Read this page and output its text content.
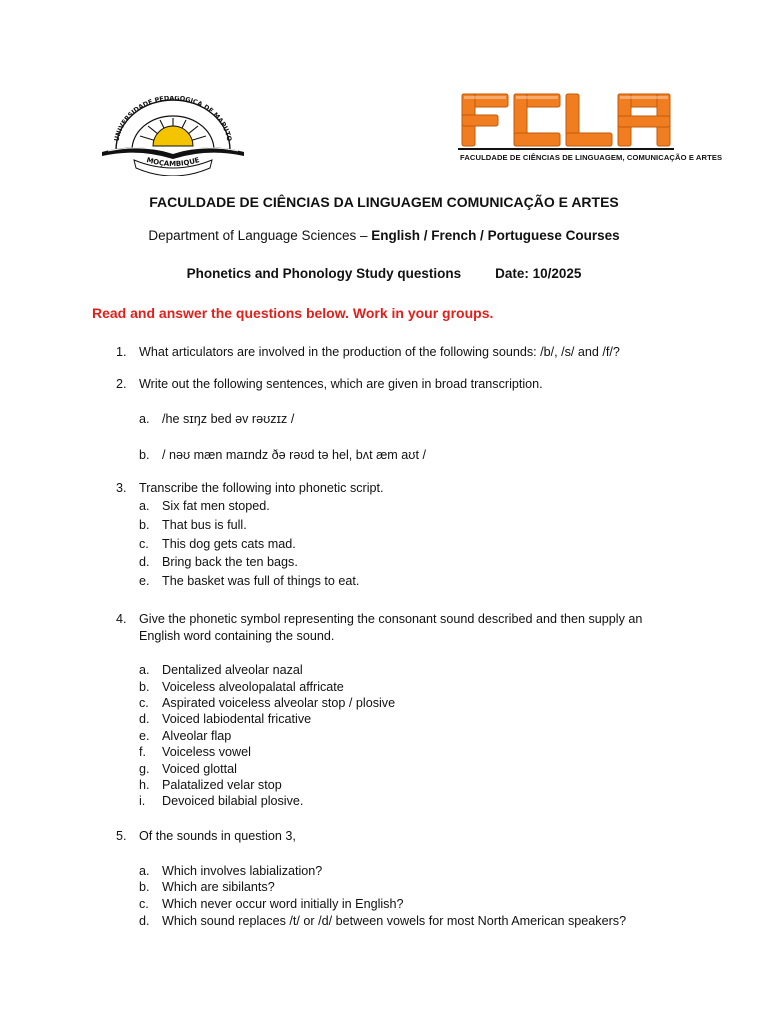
UNIVERSIDADE PEDAGÓGICA DE MAPUTO
MOÇAMBIQUE	FACULDADE DE CIÊNCIAS DE LINGUAGEM, COMUNICAÇÃO E ARTES
FACULDADE DE CIÊNCIAS DA LINGUAGEM COMUNICAÇÃO E ARTES
Department of Language Sciences – English / French / Portuguese Courses
Phonetics and Phonology Study questions	Date: 10/2025
Read and answer the questions below. Work in your groups.
1. What articulators are involved in the production of the following sounds: /b/, /s/ and /f/?
2. Write out the following sentences, which are given in broad transcription.
a. /he sɪŋz bed əv rəʊzɪz /
b. / nəʊ mæn maɪndz ðə rəʊd tə hel, bʌt æm aʊt /
3. Transcribe the following into phonetic script.
a. Six fat men stoped.
b. That bus is full.
c.	This dog gets cats mad.
d. Bring back the ten bags.
e. The basket was full of things to eat.
4. Give the phonetic symbol representing the consonant sound described and then supply an
English word containing the sound.
a. Dentalized alveolar nazal
b. Voiceless alveolopalatal affricate
c.	Aspirated voiceless alveolar stop / plosive
d. Voiced labiodental fricative
e. Alveolar flap
f.	Voiceless vowel
g. Voiced glottal
h. Palatalized velar stop
i.	Devoiced bilabial plosive.
5. Of the sounds in question 3,
a. Which involves labialization?
b. Which are sibilants?
c.	Which never occur word initially in English?
d. Which sound replaces /t/ or /d/ between vowels for most North American speakers?
